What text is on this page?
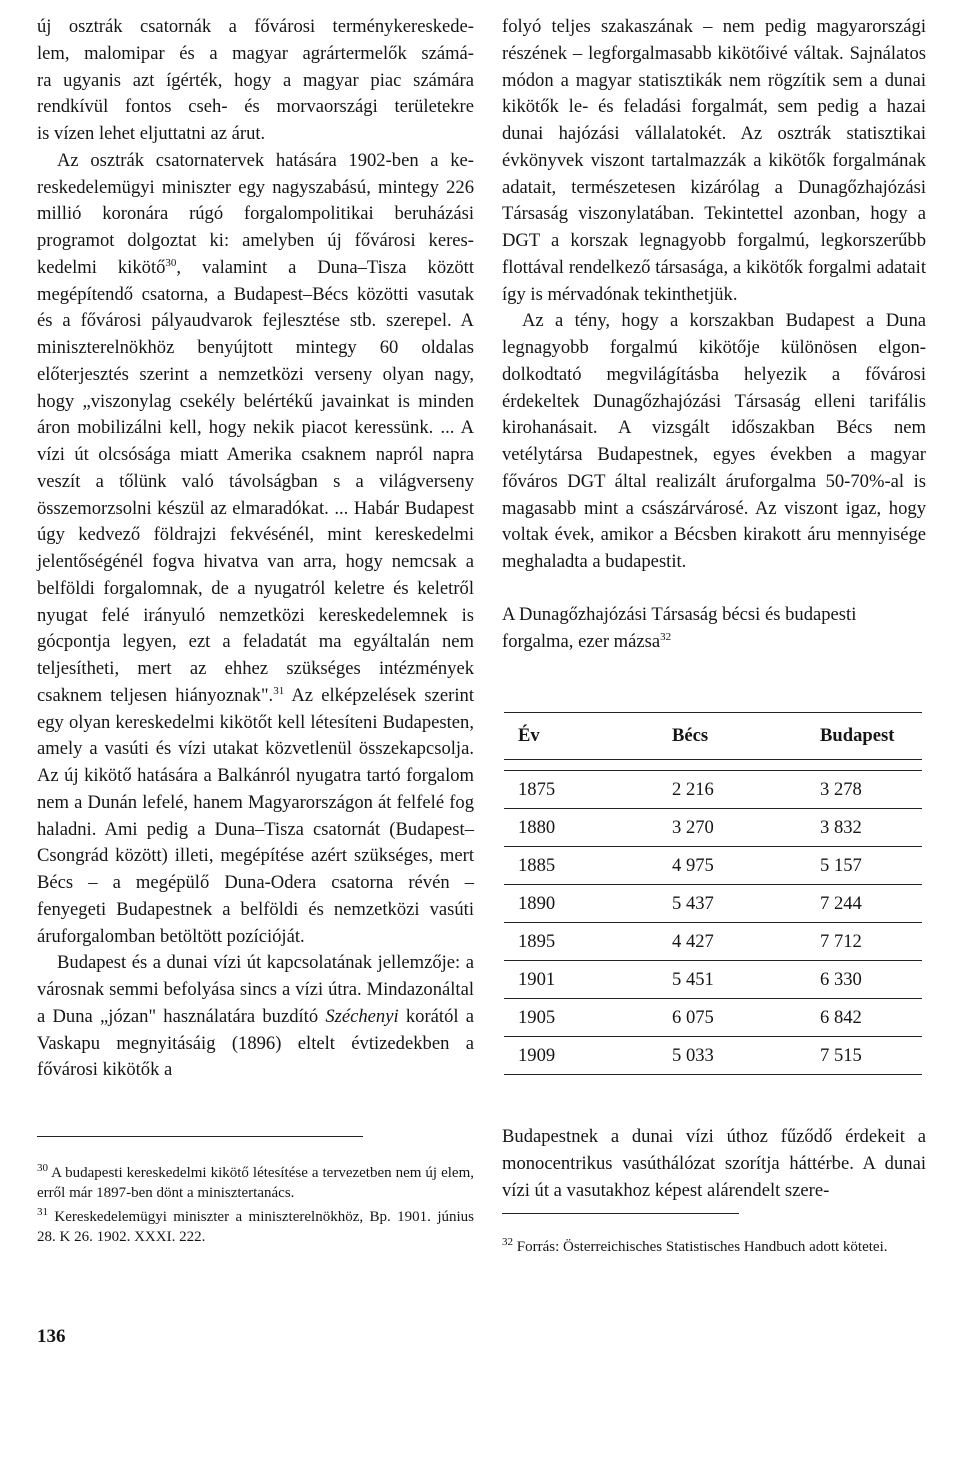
új osztrák csatornák a fővárosi terménykereskede-

lem, malomipar és a magyar agrártermelők számá-

ra ugyanis azt ígérték, hogy a magyar piac számára

rendkívül fontos cseh- és morvaországi területekre

is vízen lehet eljuttatni az árut.

Az osztrák csatornatervek hatására 1902-ben a kereskedelemügyi miniszter egy nagyszabású, mintegy 226 millió koronára rúgó forgalompolitikai beruházási programot dolgoztat ki: amelyben új fővárosi kereskedelmi kikötő$^{30}$, valamint a Duna–Tisza között megépítendő csatorna, a Budapest–Bécs közötti vasutak és a fővárosi pályaudvarok fejlesztése stb. szerepel. A miniszterelnökhöz benyújtott mintegy 60 oldalas előterjesztés szerint a nemzetközi verseny olyan nagy, hogy „viszonylag csekély belértékű javainkat is minden áron mobilizálni kell, hogy nekik piacot keressünk. ... A vízi út olcsósága miatt Amerika csaknem napról napra veszít a tőlünk való távolságban s a világverseny összemorzsolni készül az elmaradókat. ... Habár Budapest úgy kedvező földrajzi fekvésénél, mint kereskedelmi jelentőségénél fogva hivatva van arra, hogy nemcsak a belföldi forgalomnak, de a nyugatról keletre és keletről nyugat felé irányuló nemzetközi kereskedelemnek is gócpontja legyen, ezt a feladatát ma egyáltalán nem teljesítheti, mert az ehhez szükséges intézmények csaknem teljesen hiányoznak".$^{31}$ Az elképzelések szerint egy olyan kereskedelmi kikötőt kell létesíteni Budapesten, amely a vasúti és vízi utakat közvetlenül összekapcsolja. Az új kikötő hatására a Balkánról nyugatra tartó forgalom nem a Dunán lefelé, hanem Magyarországon át felfelé fog haladni. Ami pedig a Duna–Tisza csatornát (Budapest–Csongrád között) illeti, megépítése azért szükséges, mert Bécs – a megépülő Duna-Odera csatorna révén – fenyegeti Budapestnek a belföldi és nemzetközi vasúti áruforgalomban betöltött pozícióját.

Budapest és a dunai vízi út kapcsolatának jellemzője: a városnak semmi befolyása sincs a vízi útra. Mindazonáltal a Duna „józan" használatára buzdító Széchenyi korától a Vaskapu megnyitásáig (1896) eltelt évtizedekben a fővárosi kikötők a

$^{30}$ A budapesti kereskedelmi kikötő létesítése a tervezetben nem új elem, erről már 1897-ben dönt a minisztertanács.

$^{31}$ Kereskedelemügyi miniszter a miniszterelnökhöz, Bp. 1901. június 28. K 26. 1902. XXXI. 222.

136

folyó teljes szakaszának – nem pedig magyarországi részének – legforgalmasabb kikötőivé váltak. Sajnálatos módon a magyar statisztikák nem rögzítik sem a dunai kikötők le- és feladási forgalmát, sem pedig a hazai dunai hajózási vállalatokét. Az osztrák statisztikai évkönyvek viszont tartalmazzák a kikötők forgalmának adatait, természetesen kizárólag a Dunagőzhajózási Társaság viszonylatában. Tekintettel azonban, hogy a DGT a korszak legnagyobb forgalmú, legkorszerűbb flottával rendelkező társasága, a kikötők forgalmi adatait így is mérvadónak tekinthetjük.

Az a tény, hogy a korszakban Budapest a Duna legnagyobb forgalmú kikötője különösen elgondolkodtató megvilágításba helyezik a fővárosi érdekeltek Dunagőzhajózási Társaság elleni tarifális kirohanásait. A vizsgált időszakban Bécs nem vetélytársa Budapestnek, egyes években a magyar főváros DGT által realizált áruforgalma 50-70%-al is magasabb mint a császárvárosé. Az viszont igaz, hogy voltak évek, amikor a Bécsben kirakott áru mennyisége meghaladta a budapestit.

A Dunagőzhajózási Társaság bécsi és budapesti forgalma, ezer mázsa$^{32}$

Év	Bécs	Budapest

1875	2 216	3 278
1880	3 270	3 832
1885	4 975	5 157
1890	5 437	7 244
1895	4 427	7 712
1901	5 451	6 330
1905	6 075	6 842
1909	5 033	7 515

Budapestnek a dunai vízi úthoz fűződő érdekeit a monocentrikus vasúthálózat szorítja háttérbe. A dunai vízi út a vasutakhoz képest alárendelt szere-

$^{32}$ Forrás: Österreichisches Statistisches Handbuch adott kötetei.
